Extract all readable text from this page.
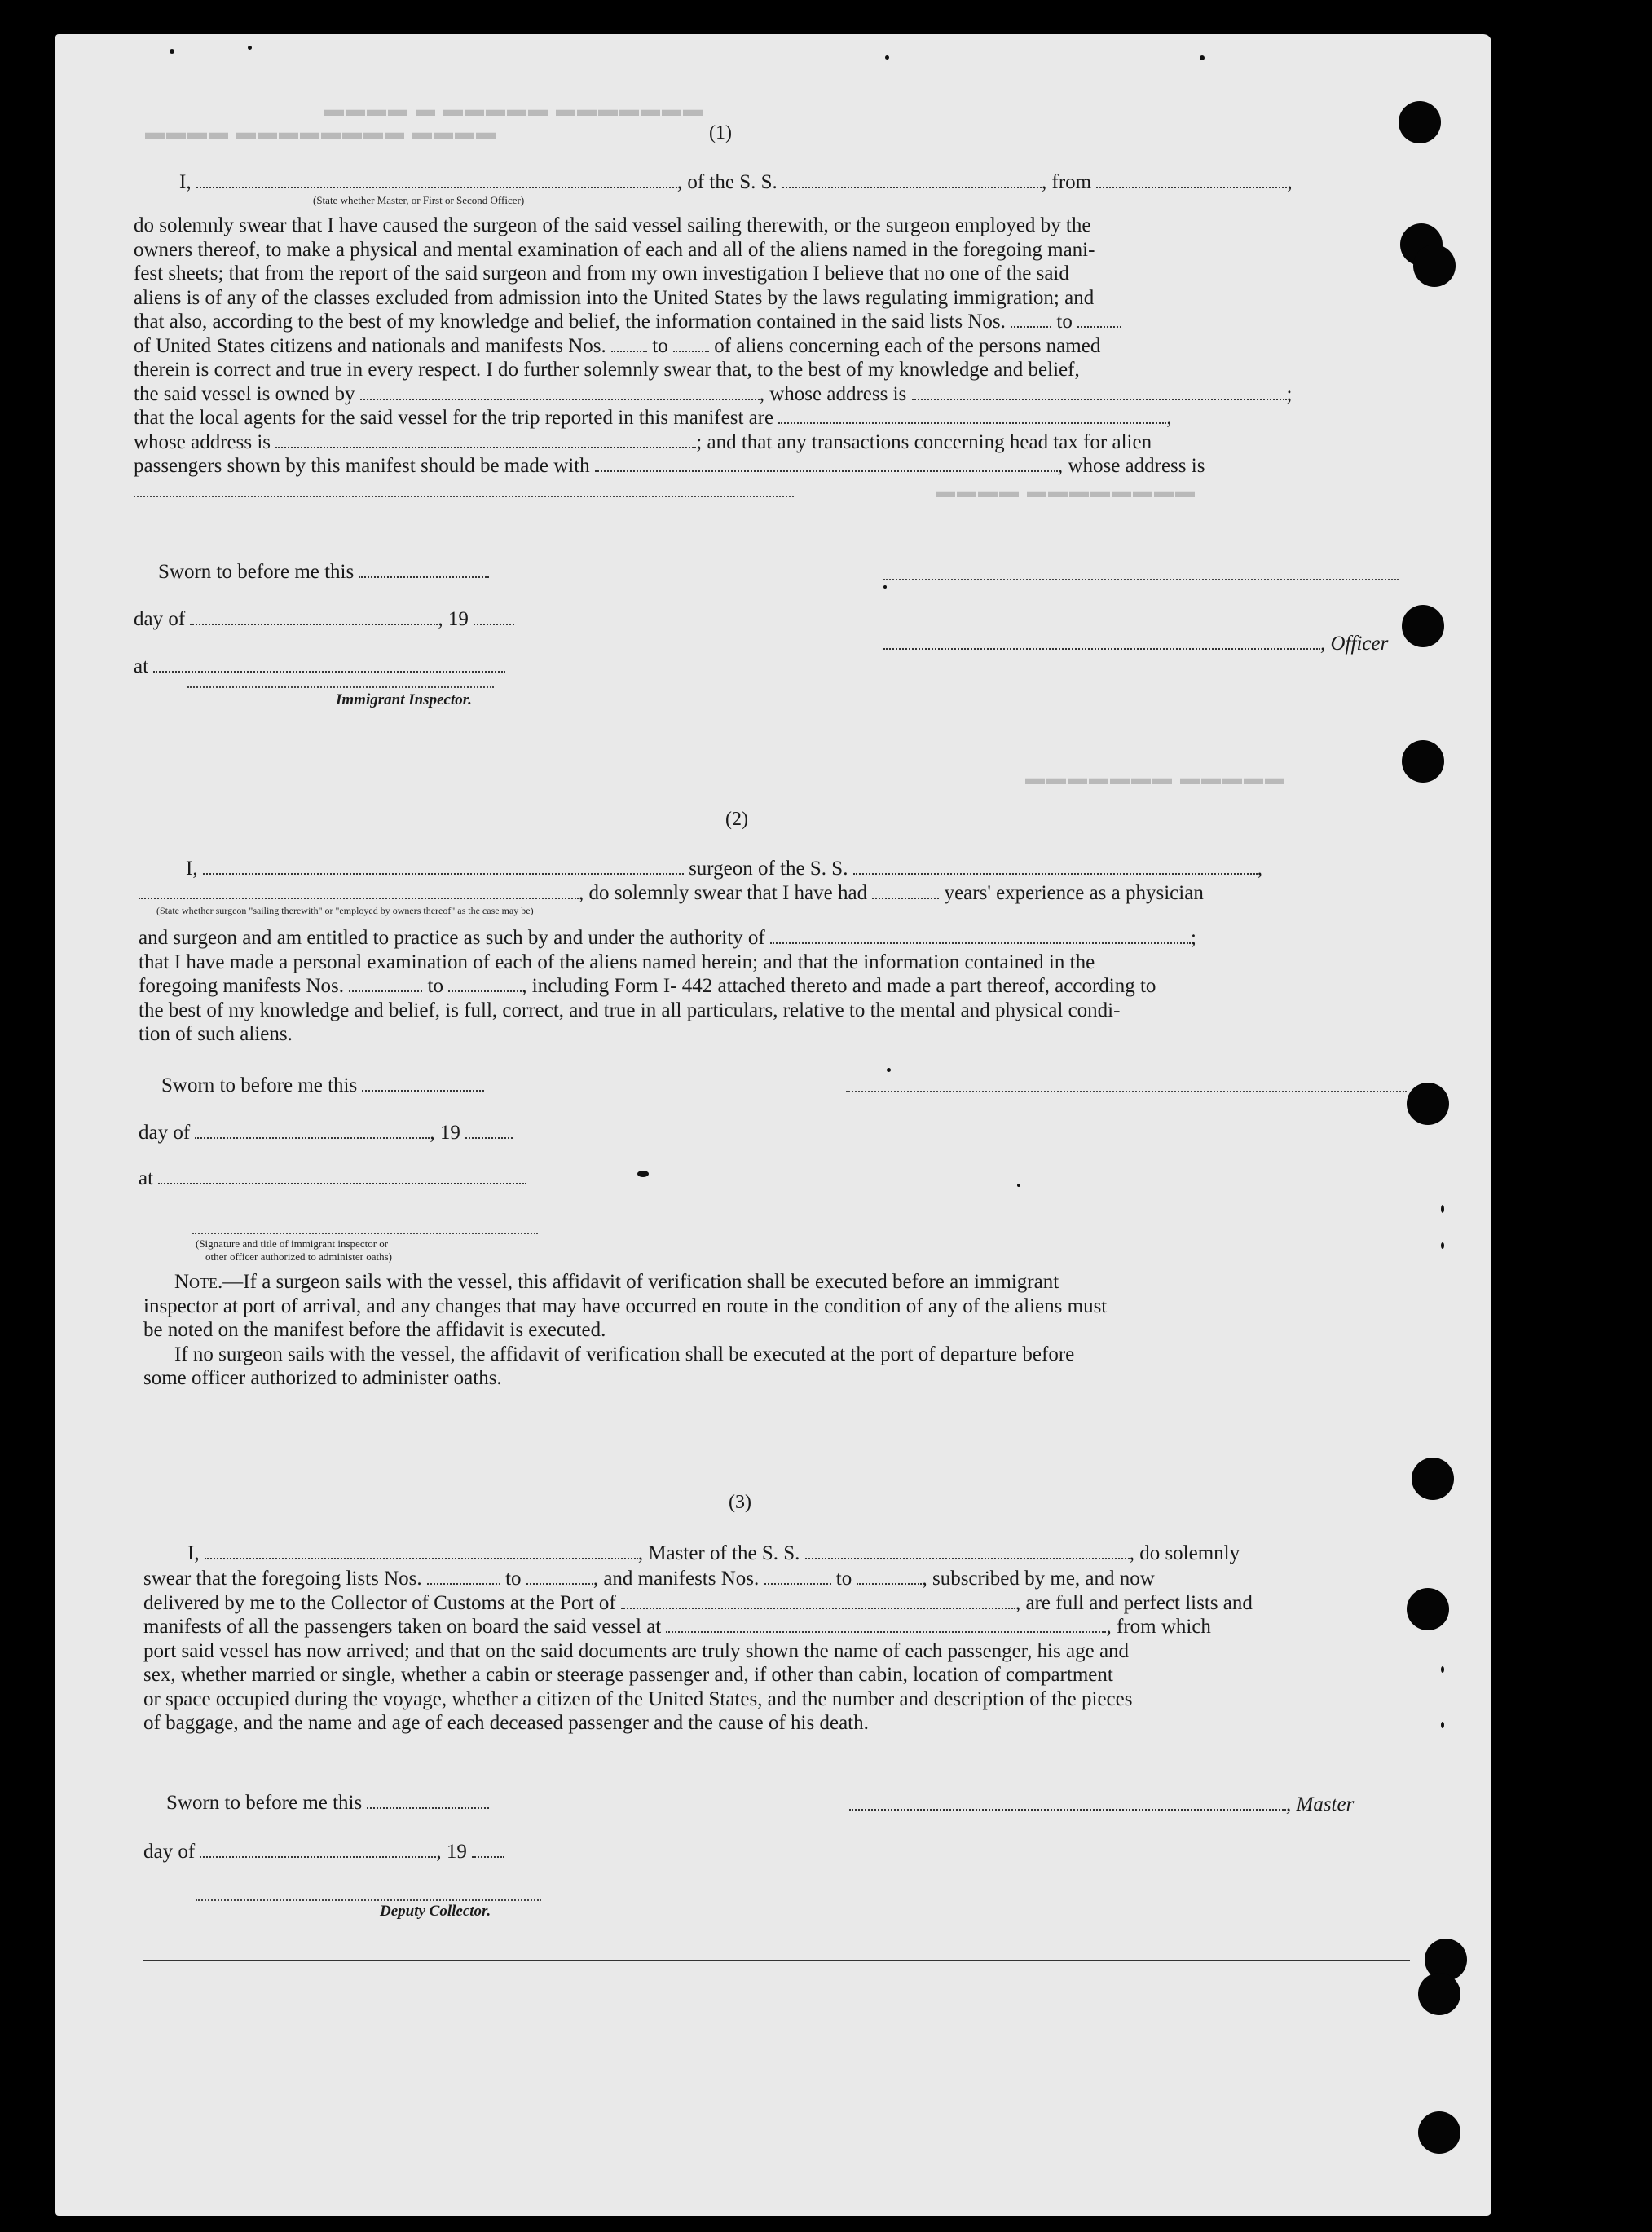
▬▬▬▬ ▬ ▬▬▬▬▬ ▬▬▬▬▬▬▬
▬▬▬▬ ▬▬▬▬▬▬▬▬ ▬▬▬▬
▬▬▬▬ ▬▬▬▬▬▬▬▬
▬▬▬▬▬▬▬ ▬▬▬▬▬
(1)
I,	, of the S. S.	, from	,
(State whether Master, or First or Second Officer)
do solemnly swear that I have caused the surgeon of the said vessel sailing therewith, or the surgeon employed by the
owners thereof, to make a physical and mental examination of each and all of the aliens named in the foregoing mani-
fest sheets; that from the report of the said surgeon and from my own investigation I believe that no one of the said
aliens is of any of the classes excluded from admission into the United States by the laws regulating immigration; and
that also, according to the best of my knowledge and belief, the information contained in the said lists Nos.	to
of United States citizens and nationals and manifests Nos. to of aliens concerning each of the persons named
therein is correct and true in every respect. I do further solemnly swear that, to the best of my knowledge and belief,
the said vessel is owned by	, whose address is	;
that the local agents for the said vessel for the trip reported in this manifest are	,
whose address is	; and that any transactions concerning head tax for alien
passengers shown by this manifest should be made with	, whose address is
Sworn to before me this
day of	, 19
, Officer
at
Immigrant Inspector.
(2)
I,	surgeon of the S. S.	,
, do solemnly swear that I have had	years' experience as a physician
(State whether surgeon "sailing therewith" or "employed by owners thereof" as the case may be)
and surgeon and am entitled to practice as such by and under the authority of	;
that I have made a personal examination of each of the aliens named herein; and that the information contained in the
foregoing manifests Nos.	to	, including Form I- 442 attached thereto and made a part thereof, according to
the best of my knowledge and belief, is full, correct, and true in all particulars, relative to the mental and physical condi-
tion of such aliens.
Sworn to before me this
day of	, 19
at
(Signature and title of immigrant inspector or
other officer authorized to administer oaths)
Note.—If a surgeon sails with the vessel, this affidavit of verification shall be executed before an immigrant
inspector at port of arrival, and any changes that may have occurred en route in the condition of any of the aliens must
be noted on the manifest before the affidavit is executed.
If no surgeon sails with the vessel, the affidavit of verification shall be executed at the port of departure before
some officer authorized to administer oaths.
(3)
I,	, Master of the S. S.	, do solemnly
swear that the foregoing lists Nos.	to	, and manifests Nos.	to	, subscribed by me, and now
delivered by me to the Collector of Customs at the Port of	, are full and perfect lists and
manifests of all the passengers taken on board the said vessel at	, from which
port said vessel has now arrived; and that on the said documents are truly shown the name of each passenger, his age and
sex, whether married or single, whether a cabin or steerage passenger and, if other than cabin, location of compartment
or space occupied during the voyage, whether a citizen of the United States, and the number and description of the pieces
of baggage, and the name and age of each deceased passenger and the cause of his death.
Sworn to before me this	, Master
day of	, 19
Deputy Collector.
